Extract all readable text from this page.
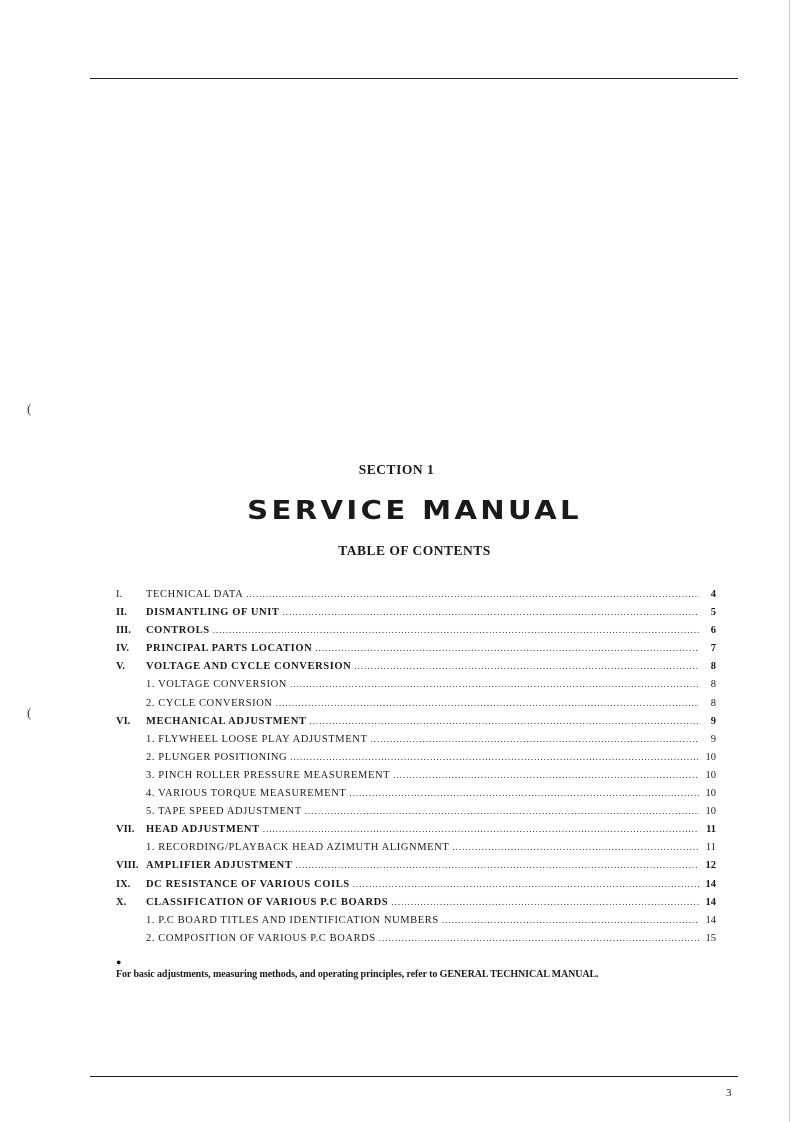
(
(
SECTION 1
SERVICE MANUAL
TABLE OF CONTENTS
I.	TECHNICAL DATA .....	4
II.	DISMANTLING OF UNIT .....	5
III.	CONTROLS .....	6
IV.	PRINCIPAL PARTS LOCATION .....	7
V.	VOLTAGE AND CYCLE CONVERSION .....	8
1. VOLTAGE CONVERSION .....	8
2. CYCLE CONVERSION .....	8
VI.	MECHANICAL ADJUSTMENT .....	9
1. FLYWHEEL LOOSE PLAY ADJUSTMENT .....	9
2. PLUNGER POSITIONING .....	10
3. PINCH ROLLER PRESSURE MEASUREMENT .....	10
4. VARIOUS TORQUE MEASUREMENT .....	10
5. TAPE SPEED ADJUSTMENT .....	10
VII.	HEAD ADJUSTMENT .....	11
1. RECORDING/PLAYBACK HEAD AZIMUTH ALIGNMENT .....	11
VIII. AMPLIFIER ADJUSTMENT .....	12
IX.	DC RESISTANCE OF VARIOUS COILS .....	14
X.	CLASSIFICATION OF VARIOUS P.C BOARDS .....	14
1. P.C BOARD TITLES AND IDENTIFICATION NUMBERS .....	14
2. COMPOSITION OF VARIOUS P.C BOARDS .....	15
●
For basic adjustments, measuring methods, and operating principles, refer to GENERAL TECHNICAL MANUAL.
3
